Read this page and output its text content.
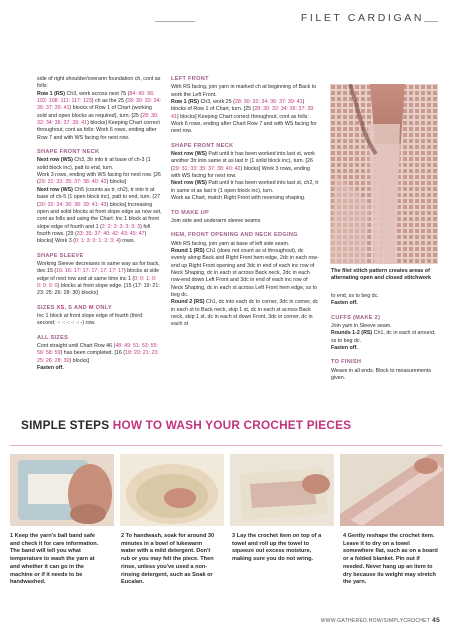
FILET CARDIGAN

side of right shoulder/overarm foundation ch, cont as folls:

Row 1 (RS) Ch3, work across next 75 (84: 90: 96: 102: 108: 111: 117: 123) ch as the 25 (28: 30: 32: 34: 36: 37: 39: 41) blocks of Row 1 of Chart (working sold and open blocks as required), turn. [25 (28: 30: 32: 34: 36: 37: 39: 41) blocks] Keeping Chart correct throughout, cont as folls: Work 6 rows, ending after Row 7 and with WS facing for next row.

SHAPE FRONT NECK

Next row (WS) Ch3, 3tr into tr at base of ch-3 (1 solid block inc), patt to end, turn.

Work 3 rows, ending with WS facing for next row. [26 (29: 31: 33: 35: 37: 38: 40: 42) blocks]

Next row (WS) Ch5 (counts as tr, ch2), tr into tr at base of ch-5 (1 open block inc), patt to end, turn. (27 (30: 32: 34: 36: 38: 39: 41: 43) blocks] Increasing open and solid blocks at front slope edge as now set, cont as folls and using the Chart: Inc 1 block at front slope edge of fourth and 1 (2: 2: 3: 3: 3: 3: 3) foll fourth rows. [29 (33: 35: 37: 40: 42: 43: 45: 47) blocks] Work 3 (0: 1: 3: 0: 1: 2: 3: 4) rows.

SHAPE SLEEVE

Working Sleeve decreases in same way as for back, dec 15 (16: 16: 17: 17: 17: 17: 17: 17) blocks at side edge of next row and at same time inc 1 (0: 0: 1: 0: 0: 0: 0: 0) blocks at front slope edge. [15 (17: 19: 21: 23: 25: 26: 28: 30) blocks]

SIZES XS, S AND M ONLY

Inc 1 block at front slope edge of fourth (third: second: -: -: -: -: -: -) row.

ALL SIZES

Cont straight until Chart Row 46 (48: 49: 51: 53: 55: 56: 58: 59) has been completed. [16 (18: 20: 21: 23: 25: 26: 28: 30) blocks]

Fasten off.

LEFT FRONT

With RS facing, join yarn in marked ch at beginning of Back to work the Left Front.

Row 1 (RS) Ch3, work 25 (28: 30: 32: 34: 36: 37: 39: 41) blocks of Row 1 of Chart, turn. [25 (28: 30: 32: 34: 36: 37: 39: 41) blocks] Keeping Chart correct throughout, cont as folls: Work 6 rows, ending after Chart Row 7 and with WS facing for next row.

SHAPE FRONT NECK

Next row (WS) Patt until tr has been worked into last st, work another 3tr into same st as last tr (1 solid block inc), turn. [26 (29: 31: 33: 35: 37: 38: 40: 42) blocks] Work 3 rows, ending with WS facing for next row.

Next row (WS) Patt until tr has been worked into last st, ch2, tr in same st as last tr (1 open block inc), turn.

Work as Chart, match Right Front with reversing shaping.

TO MAKE UP

Join side and underarm sleeve seams.

HEM, FRONT OPENING AND NECK EDGING

With RS facing, join yarn at base of left side seam.

Round 1 (RS) Ch1 (does not count as st throughout), dc evenly along Back and Right Front hem edge, 2dc in each row-end up Right Front opening and 3dc in end of each inc row of Neck Shaping, dc in each st across Back neck, 2dc in each row-end down Left Front and 3dc in end of each inc row of Neck Shaping, dc in each st across Left Front hem edge, ss to beg dc.

Round 2 (RS) Ch1, dc into each dc to corner, 3dc in corner, dc in each st to Back neck, skip 1 st, dc in each st across Back neck, skip 1 st, dc in each st down Front, 3dc in corner, dc in each st

to end, ss to beg dc.

Fasten off.

CUFFS (MAKE 2)

Join yarn in Sleeve seam.

Rounds 1-2 (RS) Ch1, dc in each st around, ss to beg dc.

Fasten off.

TO FINISH

Weave in all ends. Block to measurements given.

The filet stitch pattern creates areas of alternating open and closed stitchwork
SIMPLE STEPS HOW TO WASH YOUR CROCHET PIECES
1 Keep the yarn's ball band safe and check it for care information. The band will tell you what temperature to wash the yarn at and whether it can go in the machine or if it needs to be handwashed.
2 To handwash, soak for around 30 minutes in a bowl of lukewarm water with a mild detergent. Don't rub or you may felt the piece. Then rinse, unless you've used a non-rinsing detergent, such as Soak or Eucalan.
3 Lay the crochet item on top of a towel and roll up the towel to squeeze out excess moisture, making sure you do not wring.
4 Gently reshape the crochet item. Leave it to dry on a towel somewhere flat, such as on a board or a folded blanket. Pin out if needed. Never hang up an item to dry because its weight may stretch the yarn.
WWW.GATHERED.HOW/SIMPLYCROCHET 45
